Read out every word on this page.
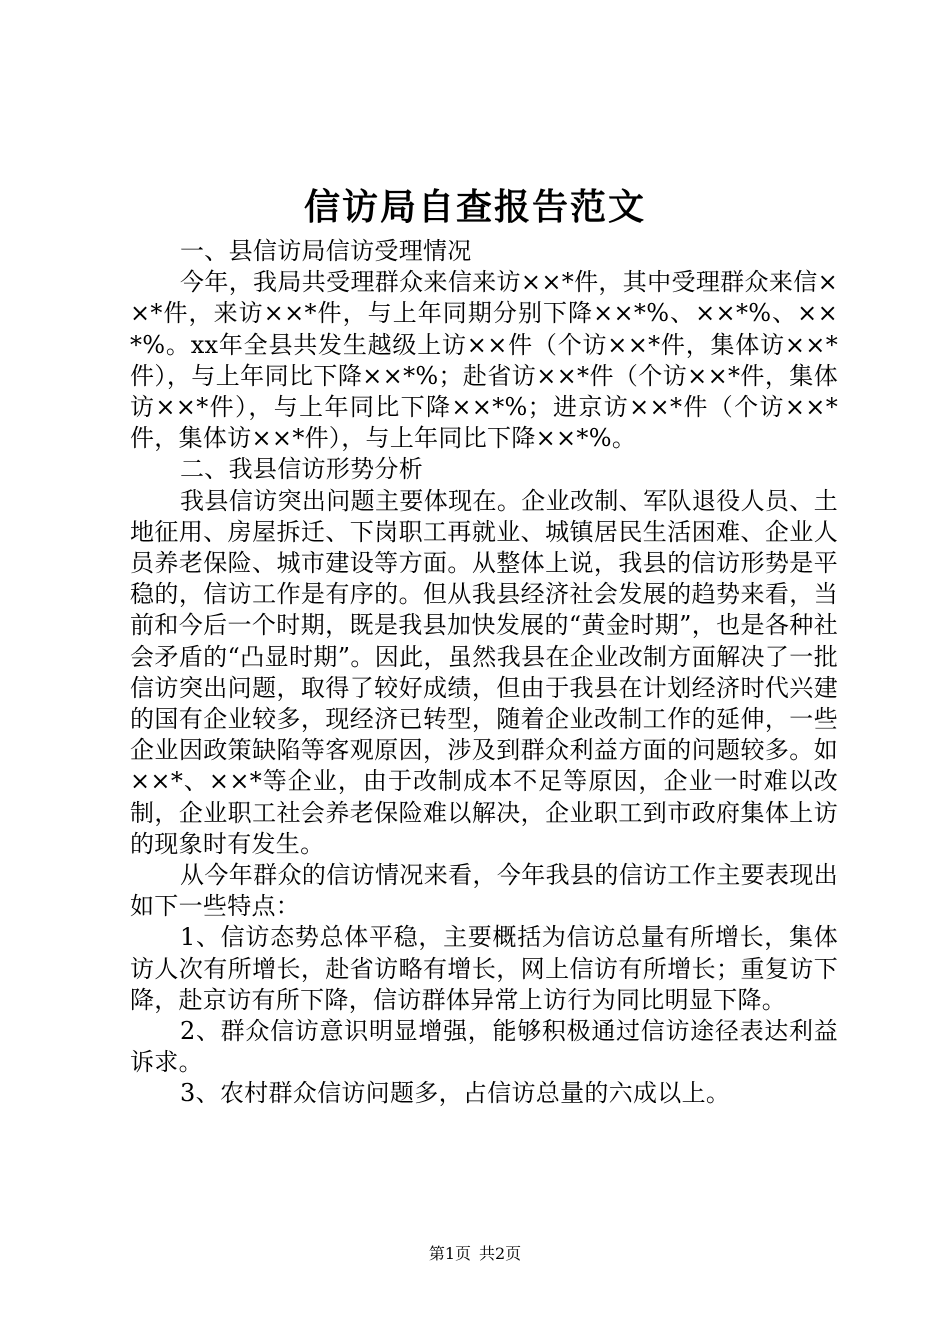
信访局自查报告范文

一、县信访局信访受理情况

今年，我局共受理群众来信来访××*件，其中受理群众来信××*件，来访××*件，与上年同期分别下降××*%、××*%、××*%。xx年全县共发生越级上访××件（个访××*件，集体访××*件），与上年同比下降××*%；赴省访××*件（个访××*件，集体访××*件），与上年同比下降××*%；进京访××*件（个访××*件，集体访××*件），与上年同比下降××*%。

二、我县信访形势分析

我县信访突出问题主要体现在。企业改制、军队退役人员、土地征用、房屋拆迁、下岗职工再就业、城镇居民生活困难、企业人员养老保险、城市建设等方面。从整体上说，我县的信访形势是平稳的，信访工作是有序的。但从我县经济社会发展的趋势来看，当前和今后一个时期，既是我县加快发展的“黄金时期”，也是各种社会矛盾的“凸显时期”。因此，虽然我县在企业改制方面解决了一批信访突出问题，取得了较好成绩，但由于我县在计划经济时代兴建的国有企业较多，现经济已转型，随着企业改制工作的延伸，一些企业因政策缺陷等客观原因，涉及到群众利益方面的问题较多。如××*、××*等企业，由于改制成本不足等原因，企业一时难以改制，企业职工社会养老保险难以解决，企业职工到市政府集体上访的现象时有发生。

从今年群众的信访情况来看，今年我县的信访工作主要表现出如下一些特点：

1、信访态势总体平稳，主要概括为信访总量有所增长，集体访人次有所增长，赴省访略有增长，网上信访有所增长；重复访下降，赴京访有所下降，信访群体异常上访行为同比明显下降。

2、群众信访意识明显增强，能够积极通过信访途径表达利益诉求。

3、农村群众信访问题多，占信访总量的六成以上。

第1页 共2页
